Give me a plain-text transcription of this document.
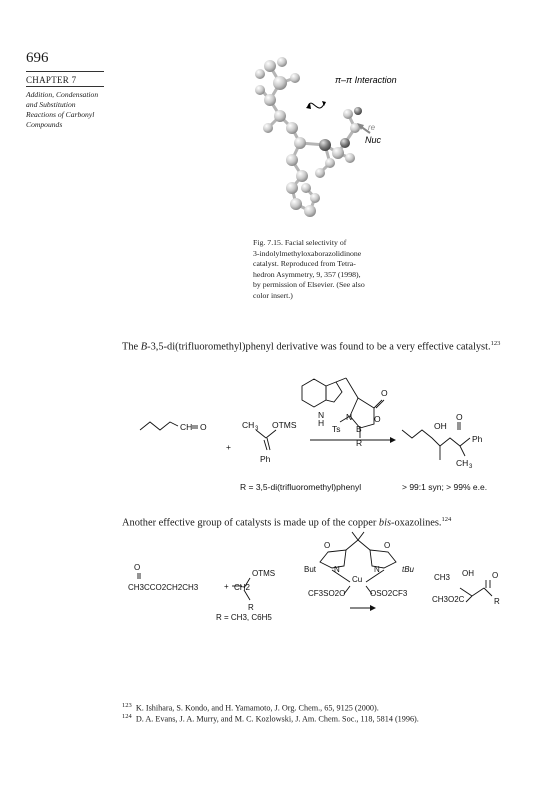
696
CHAPTER 7
Addition, Condensation
and Substitution
Reactions of Carbonyl
Compounds
π–π Interaction
re
Nuc
Fig. 7.15. Facial selectivity of
3-indolylmethyloxaborazolidinone
catalyst. Reproduced from Tetra-
hedron Asymmetry, 9, 357 (1998),
by permission of Elsevier. (See also
color insert.)
The B-3,5-di(trifluoromethyl)phenyl derivative was found to be a very effective catalyst.$^{123}$
N
H
O
N	O
Ts B
R
CH O
+
CH 3 OTMS
Ph
OH
O
Ph
CH 3
R = 3,5-di(trifluoromethyl)phenyl	> 99:1 syn; > 99% e.e.
Another effective group of catalysts is made up of the copper bis-oxazolines.$^{124}$
O
CH3CCO2CH2CH3	+ CH2
OTMS
R
O	O
But N
Cu
N	tBu
CF3SO2O	OSO2CF3
CH3 OH O
CH3O2C	R
R = CH3, C6H5
$^{123}$ K. Ishihara, S. Kondo, and H. Yamamoto, J. Org. Chem., 65, 9125 (2000).
$^{124}$ D. A. Evans, J. A. Murry, and M. C. Kozlowski, J. Am. Chem. Soc., 118, 5814 (1996).
